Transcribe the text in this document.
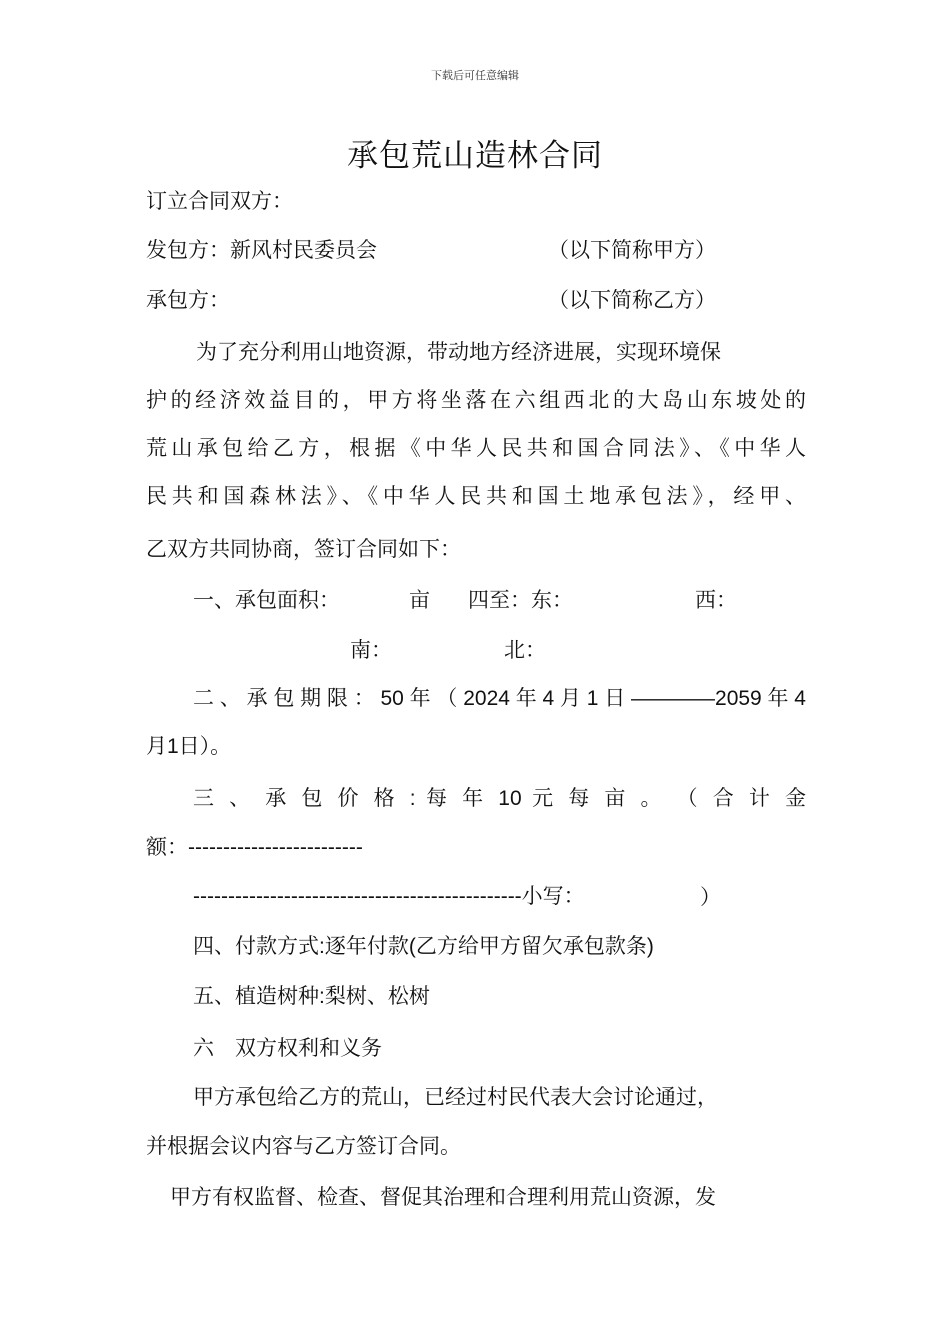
下载后可任意编辑
承包荒山造林合同
订立合同双方：
发包方：新风村民委员会	（以下简称甲方）
承包方：	（以下简称乙方）
为了充分利用山地资源，带动地方经济进展，实现环境保
护的经济效益目的，甲方将坐落在六组西北的大岛山东坡处的
荒山承包给乙方，根据《中华人民共和国合同法》、《中华人
民共和国森林法》、《中华人民共和国土地承包法》，经甲、
乙双方共同协商，签订合同如下：
一、承包面积：	亩 四至：东：	西：
南：	北：
二、承包期限：50年（2024年4月1日————2059年4
月1日）。
三 、 承 包 价 格 : 每 年 10 元 每 亩 。 （ 合 计 金
额：-------------------------
-----------------------------------------------小写：	）
四、付款方式:逐年付款(乙方给甲方留欠承包款条)
五、植造树种:梨树、松树
六　双方权利和义务
甲方承包给乙方的荒山，已经过村民代表大会讨论通过，
并根据会议内容与乙方签订合同。
甲方有权监督、检查、督促其治理和合理利用荒山资源，发
